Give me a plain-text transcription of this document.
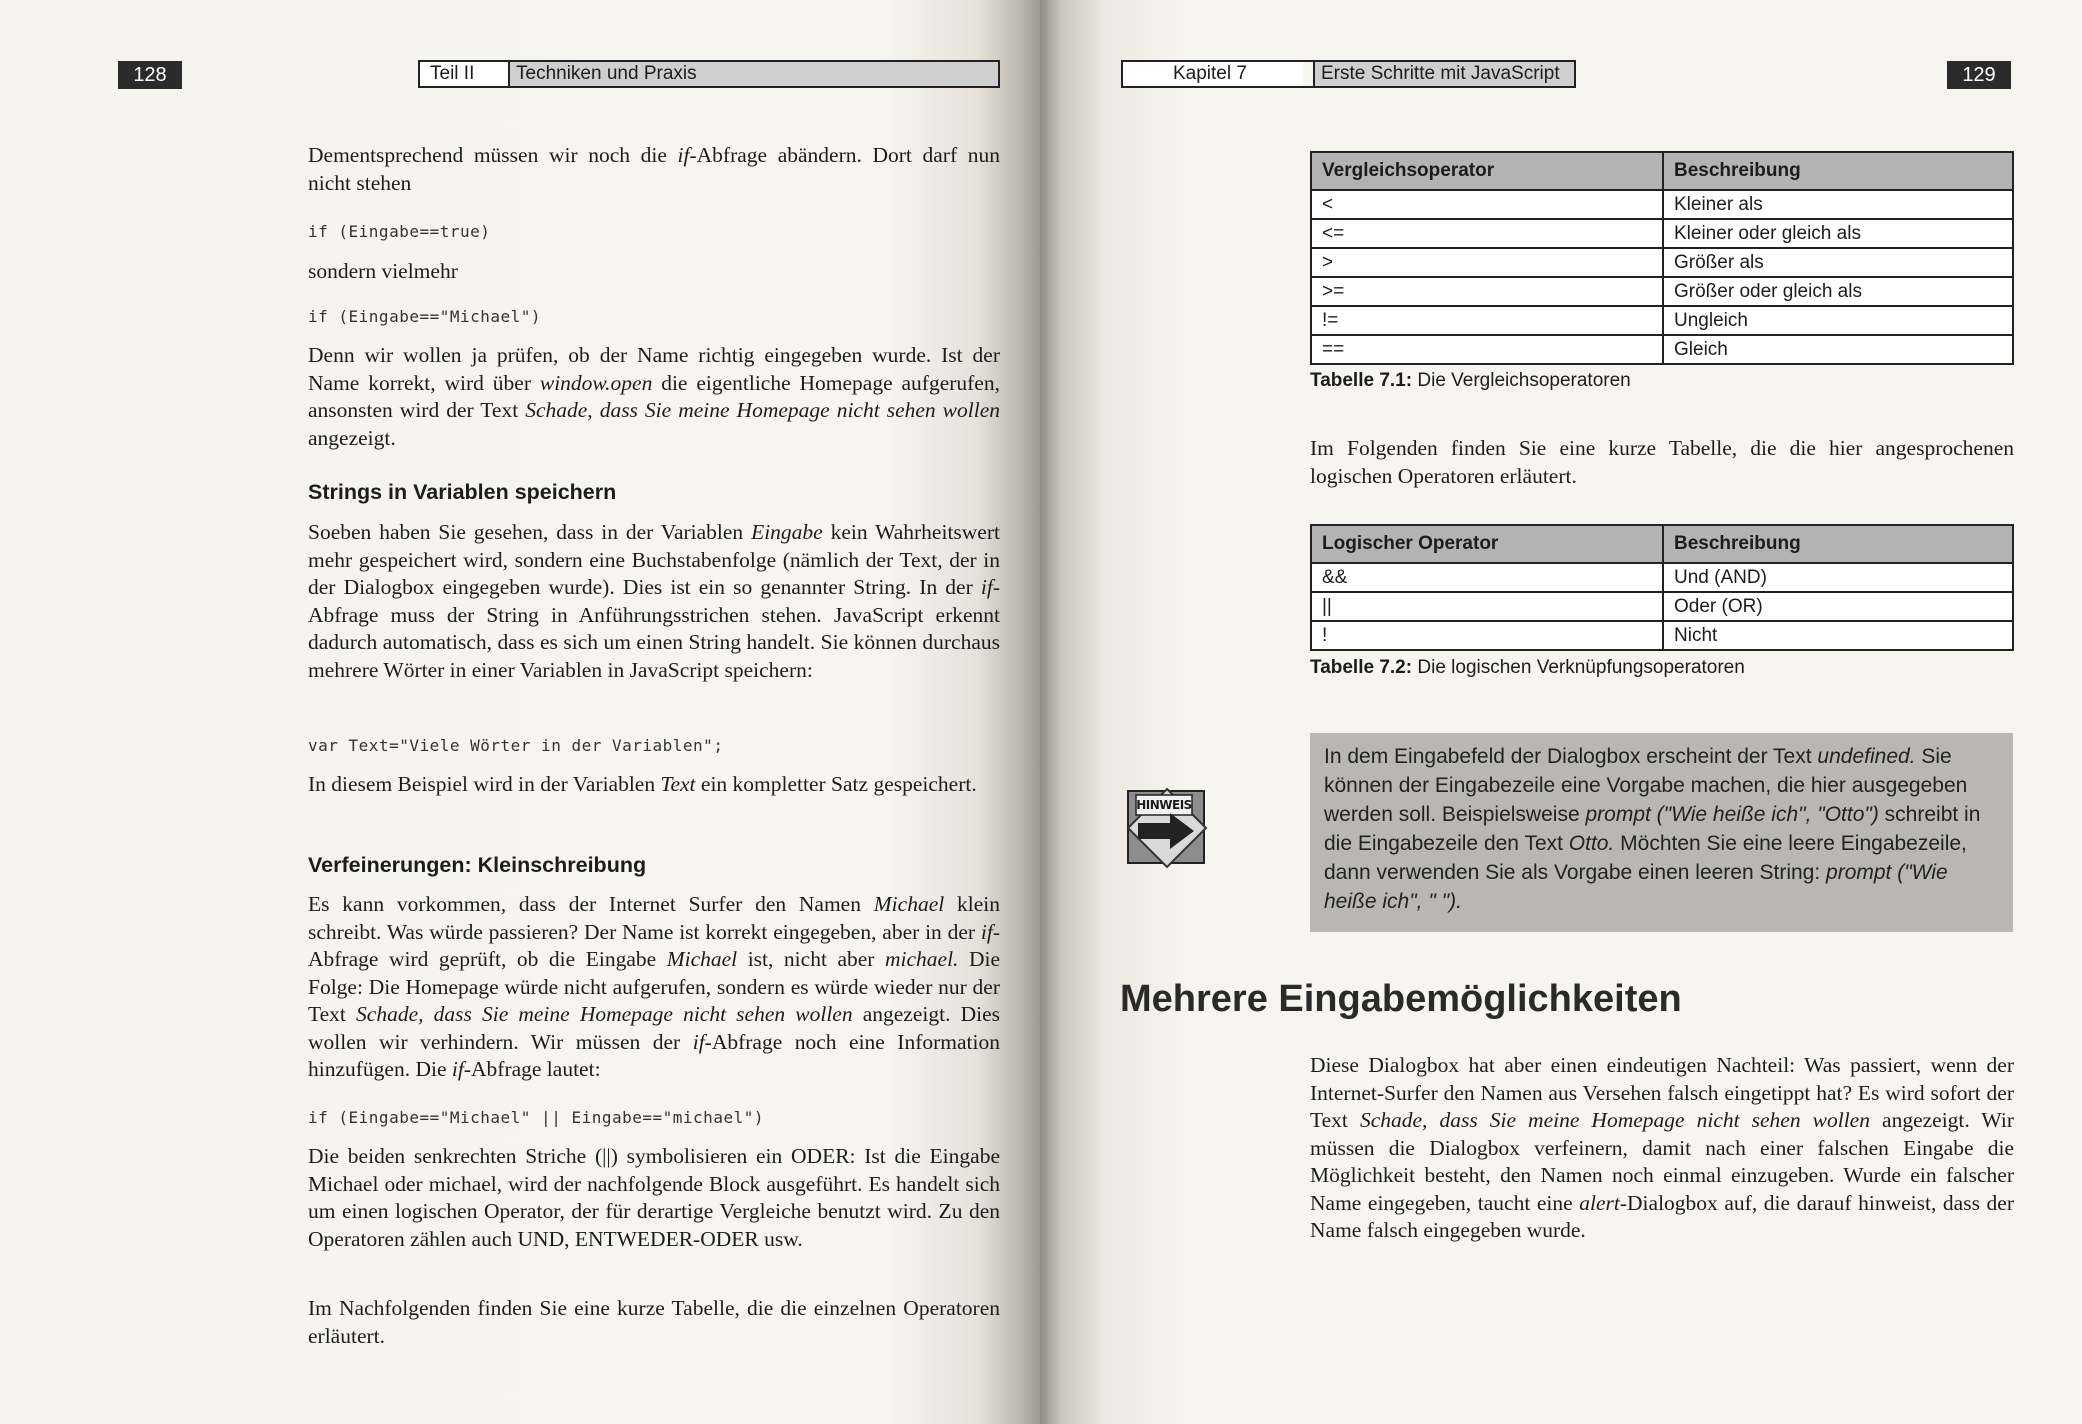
128	Teil II	Techniken und Praxis

Dementsprechend müssen wir noch die if-Abfrage abändern. Dort darf nun nicht stehen

if (Eingabe==true)

sondern vielmehr

if (Eingabe=="Michael")

Denn wir wollen ja prüfen, ob der Name richtig eingegeben wurde. Ist der Name korrekt, wird über window.open die eigentliche Homepage aufgerufen, ansonsten wird der Text Schade, dass Sie meine Homepage nicht sehen wollen angezeigt.

Strings in Variablen speichern

Soeben haben Sie gesehen, dass in der Variablen Eingabe kein Wahrheitswert mehr gespeichert wird, sondern eine Buchstabenfolge (nämlich der Text, der in der Dialogbox eingegeben wurde). Dies ist ein so genannter String. In der if-Abfrage muss der String in Anführungsstrichen stehen. JavaScript erkennt dadurch automatisch, dass es sich um einen String handelt. Sie können durchaus mehrere Wörter in einer Variablen in JavaScript speichern:

var Text="Viele Wörter in der Variablen";

In diesem Beispiel wird in der Variablen Text ein kompletter Satz gespeichert.

Verfeinerungen: Kleinschreibung

Es kann vorkommen, dass der Internet Surfer den Namen Michael klein schreibt. Was würde passieren? Der Name ist korrekt eingegeben, aber in der if-Abfrage wird geprüft, ob die Eingabe Michael ist, nicht aber michael. Die Folge: Die Homepage würde nicht aufgerufen, sondern es würde wieder nur der Text Schade, dass Sie meine Homepage nicht sehen wollen angezeigt. Dies wollen wir verhindern. Wir müssen der if-Abfrage noch eine Information hinzufügen. Die if-Abfrage lautet:

if (Eingabe=="Michael" || Eingabe=="michael")

Die beiden senkrechten Striche (||) symbolisieren ein ODER: Ist die Eingabe Michael oder michael, wird der nachfolgende Block ausgeführt. Es handelt sich um einen logischen Operator, der für derartige Vergleiche benutzt wird. Zu den Operatoren zählen auch UND, ENTWEDER-ODER usw.

Im Nachfolgenden finden Sie eine kurze Tabelle, die die einzelnen Operatoren erläutert.

Kapitel 7	Erste Schritte mit JavaScript	129
Vergleichsoperator	Beschreibung
<	Kleiner als
<=	Kleiner oder gleich als
>	Größer als
>=	Größer oder gleich als
!=	Ungleich
==	Gleich
Tabelle 7.1: Die Vergleichsoperatoren

Im Folgenden finden Sie eine kurze Tabelle, die die hier angesprochenen logischen Operatoren erläutert.

Logischer Operator	Beschreibung
&&	Und (AND)
||	Oder (OR)
!	Nicht
Tabelle 7.2: Die logischen Verknüpfungsoperatoren
HINWEIS
In dem Eingabefeld der Dialogbox erscheint der Text undefined. Sie können der Eingabezeile eine Vorgabe machen, die hier ausgegeben werden soll. Beispielsweise prompt ("Wie heiße ich", "Otto") schreibt in die Eingabezeile den Text Otto. Möchten Sie eine leere Eingabezeile, dann verwenden Sie als Vorgabe einen leeren String: prompt ("Wie heiße ich", " ").
Mehrere Eingabemöglichkeiten

Diese Dialogbox hat aber einen eindeutigen Nachteil: Was passiert, wenn der Internet-Surfer den Namen aus Versehen falsch eingetippt hat? Es wird sofort der Text Schade, dass Sie meine Homepage nicht sehen wollen angezeigt. Wir müssen die Dialogbox verfeinern, damit nach einer falschen Eingabe die Möglichkeit besteht, den Namen noch einmal einzugeben. Wurde ein falscher Name eingegeben, taucht eine alert-Dialogbox auf, die darauf hinweist, dass der Name falsch eingegeben wurde.
